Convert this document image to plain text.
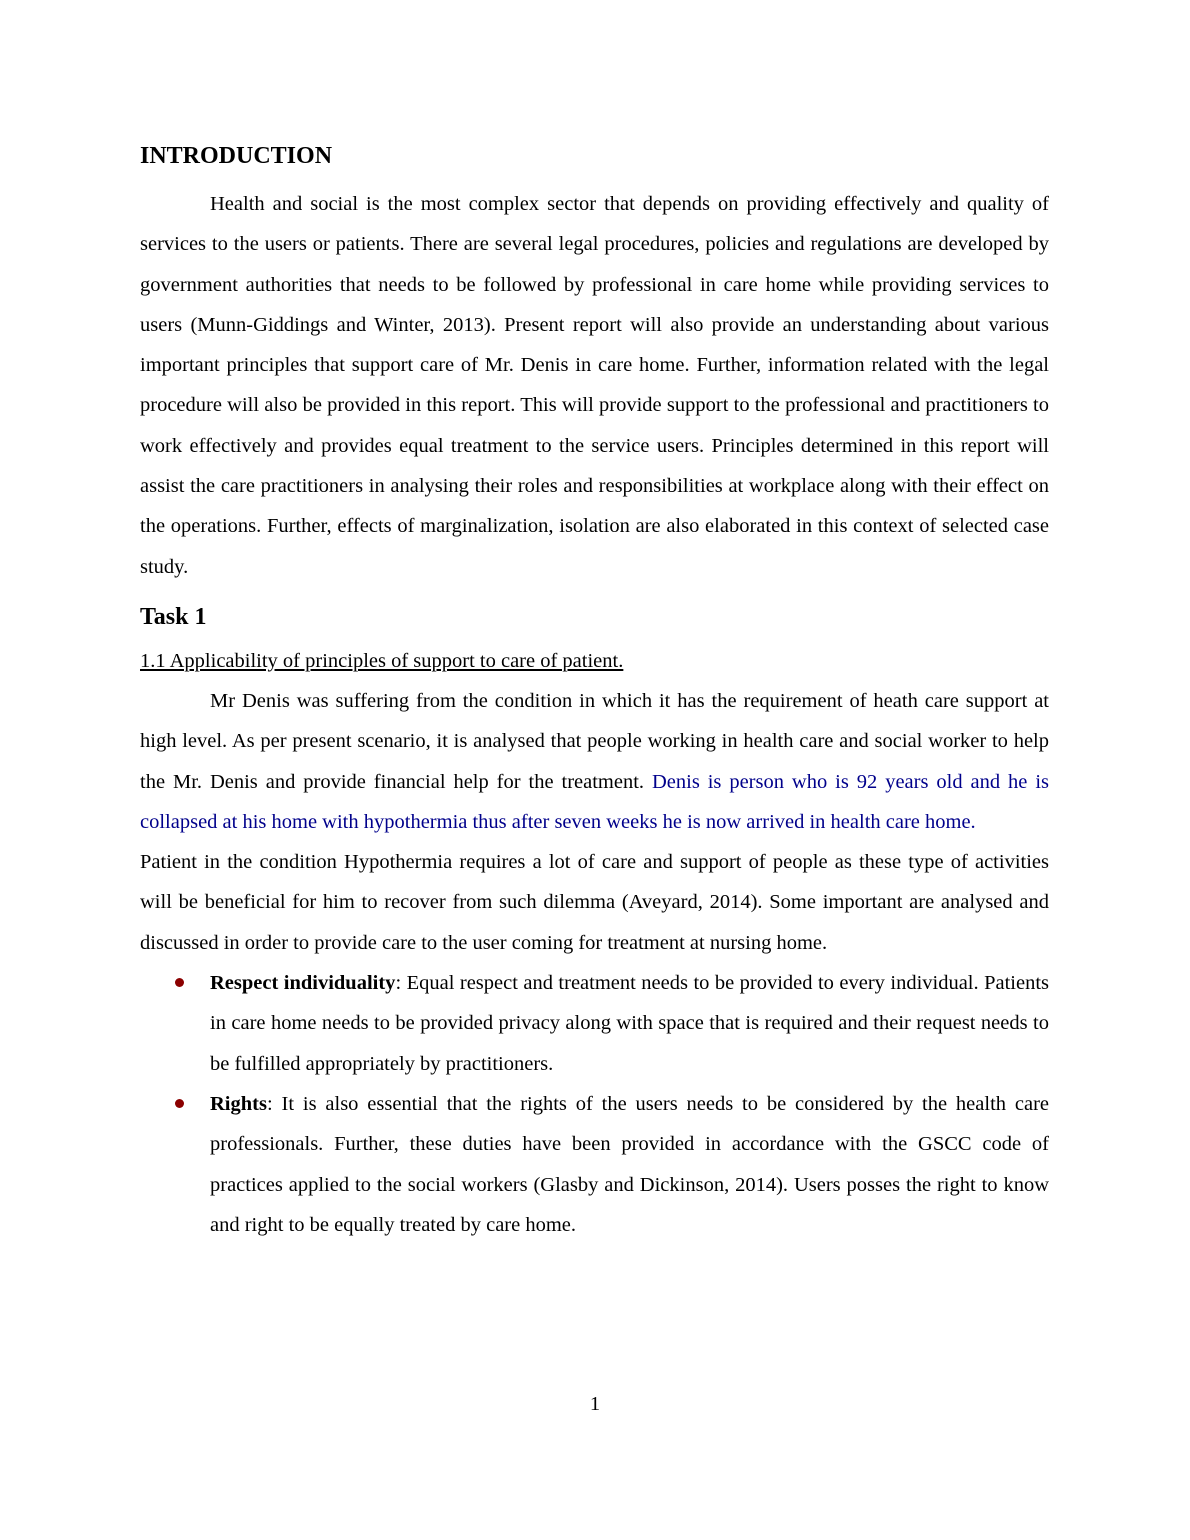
INTRODUCTION

Health and social is the most complex sector that depends on providing effectively and quality of services to the users or patients. There are several legal procedures, policies and regulations are developed by government authorities that needs to be followed by professional in care home while providing services to users (Munn-Giddings and Winter, 2013). Present report will also provide an understanding about various important principles that support care of Mr. Denis in care home. Further, information related with the legal procedure will also be provided in this report. This will provide support to the professional and practitioners to work effectively and provides equal treatment to the service users. Principles determined in this report will assist the care practitioners in analysing their roles and responsibilities at workplace along with their effect on the operations. Further, effects of marginalization, isolation are also elaborated in this context of selected case study.

Task 1

1.1 Applicability of principles of support to care of patient.

Mr Denis was suffering from the condition in which it has the requirement of heath care support at high level. As per present scenario, it is analysed that people working in health care and social worker to help the Mr. Denis and provide financial help for the treatment. Denis is person who is 92 years old and he is collapsed at his home with hypothermia thus after seven weeks he is now arrived in health care home.

Patient in the condition Hypothermia requires a lot of care and support of people as these type of activities will be beneficial for him to recover from such dilemma (Aveyard, 2014). Some important are analysed and discussed in order to provide care to the user coming for treatment at nursing home.

Respect individuality: Equal respect and treatment needs to be provided to every individual. Patients in care home needs to be provided privacy along with space that is required and their request needs to be fulfilled appropriately by practitioners.
Rights: It is also essential that the rights of the users needs to be considered by the health care professionals. Further, these duties have been provided in accordance with the GSCC code of practices applied to the social workers (Glasby and Dickinson, 2014). Users posses the right to know and right to be equally treated by care home.
1
